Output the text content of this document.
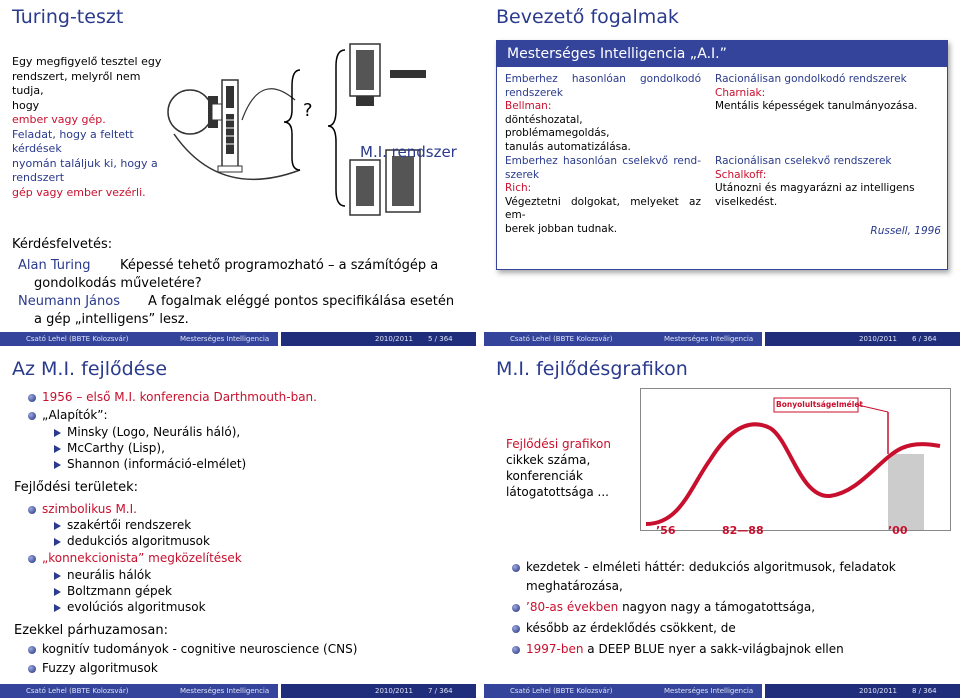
Turing-teszt
Egy megfigyelő tesztel egy
rendszert, melyről nem tudja,
hogy
ember vagy gép.
Feladat, hogy a feltett kérdések
nyomán találjuk ki, hogy a
rendszert
gép vagy ember vezérli.
?
M.I. rendszer
Kérdésfelvetés:
Alan Turing Képessé tehető programozható – a számítógép a
gondolkodás műveletére?
Neumann János A fogalmak eléggé pontos specifikálása esetén
a gép „intelligens” lesz.
Csató Lehel (BBTE Kolozsvár)	Mesterséges Intelligencia	2010/2011 5 / 364
Bevezető fogalmak
Mesterséges Intelligencia „A.I.”
Emberhez hasonlóan gondolkodó
rendszerek
Bellman:
döntéshozatal,
problémamegoldás,
tanulás automatizálása.
Racionálisan gondolkodó rendszerek
Charniak:
Mentális képességek tanulmányozása.
Emberhez hasonlóan cselekvő rend-
szerek
Rich:
Végeztetni dolgokat, melyeket az em-
berek jobban tudnak.
Racionálisan cselekvő rendszerek
Schalkoff:
Utánozni és magyarázni az intelligens
viselkedést.
Russell, 1996
Csató Lehel (BBTE Kolozsvár)	Mesterséges Intelligencia	2010/2011 6 / 364
Az M.I. fejlődése
1956 – első M.I. konferencia Darthmouth-ban.
„Alapítók”:
Minsky (Logo, Neurális háló),
McCarthy (Lisp),
Shannon (információ-elmélet)
Fejlődési területek:
szimbolikus M.I.
szakértői rendszerek
dedukciós algoritmusok
„konnekcionista” megközelítések
neurális hálók
Boltzmann gépek
evolúciós algoritmusok
Ezekkel párhuzamosan:
kognitív tudományok - cognitive neuroscience (CNS)
Fuzzy algoritmusok
Csató Lehel (BBTE Kolozsvár)	Mesterséges Intelligencia	2010/2011 7 / 364
M.I. fejlődésgrafikon
Fejlődési grafikon
cikkek száma,
konferenciák
látogatottsága ...
Bonyolultságelmélet
’56	82—88	’00
kezdetek - elméleti háttér: dedukciós algoritmusok, feladatok
meghatározása,
’80-as években nagyon nagy a támogatottsága,
később az érdeklődés csökkent, de
1997-ben a DEEP BLUE nyer a sakk-világbajnok ellen
Csató Lehel (BBTE Kolozsvár)	Mesterséges Intelligencia	2010/2011 8 / 364
